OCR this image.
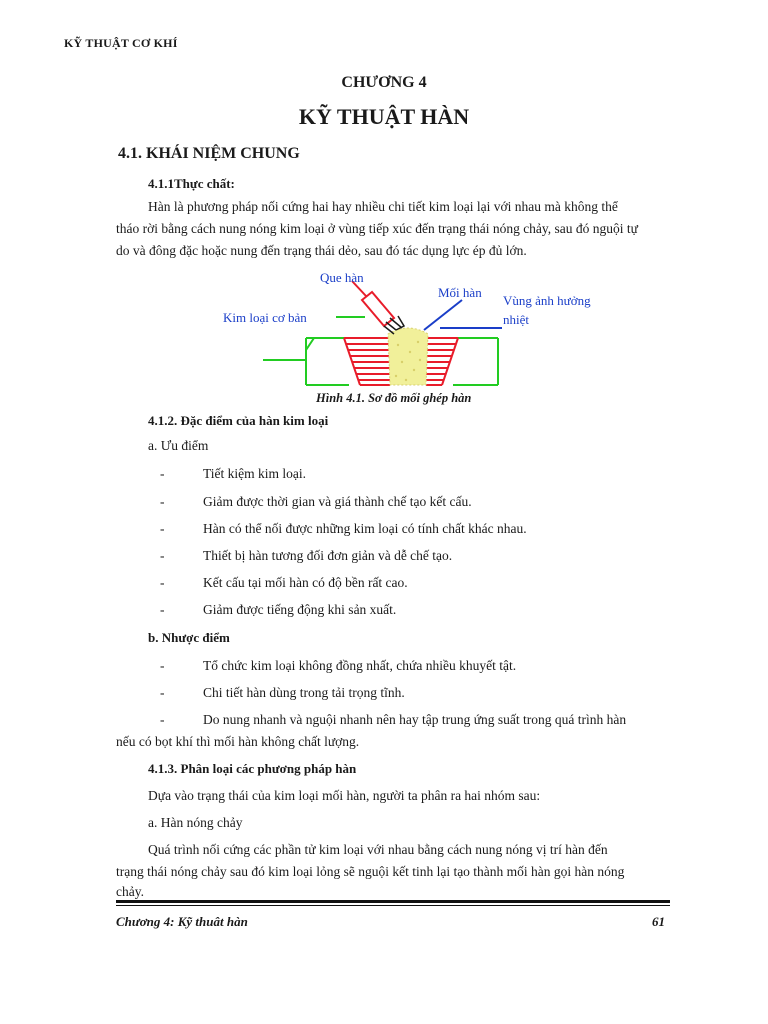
KỸ THUẬT CƠ KHÍ
CHƯƠNG 4
KỸ THUẬT HÀN
4.1. KHÁI NIỆM CHUNG
4.1.1Thực chất:
Hàn là phương pháp nối cứng hai hay nhiều chi tiết kim loại lại với nhau mà không thể
tháo rời bằng cách nung nóng kim loại ở vùng tiếp xúc đến trạng thái nóng chảy, sau đó nguội tự
do và đông đặc hoặc nung đến trạng thái dẻo, sau đó tác dụng lực ép đủ lớn.
Que hàn
Mối hàn
Kim loại cơ bản
Vùng ảnh hưởng
nhiệt
Hình 4.1. Sơ đồ mối ghép hàn
4.1.2. Đặc điểm của hàn kim loại
a. Ưu điểm
-	Tiết kiệm kim loại.
-	Giảm được thời gian và giá thành chế tạo kết cấu.
-	Hàn có thể nối được những kim loại có tính chất khác nhau.
-	Thiết bị hàn tương đối đơn giản và dễ chế tạo.
-	Kết cấu tại mối hàn có độ bền rất cao.
-	Giảm được tiếng động khi sản xuất.
b. Nhược điểm
-	Tổ chức kim loại không đồng nhất, chứa nhiều khuyết tật.
-	Chi tiết hàn dùng trong tải trọng tĩnh.
-	Do nung nhanh và nguội nhanh nên hay tập trung ứng suất trong quá trình hàn
nếu có bọt khí thì mối hàn không chất lượng.
4.1.3. Phân loại các phương pháp hàn
Dựa vào trạng thái của kim loại mối hàn, người ta phân ra hai nhóm sau:
a. Hàn nóng chảy
Quá trình nối cứng các phần tử kim loại với nhau bằng cách nung nóng vị trí hàn đến
trạng thái nóng chảy sau đó kim loại lỏng sẽ nguội kết tinh lại tạo thành mối hàn gọi hàn nóng
chảy.
Chương 4: Kỹ thuât hàn	61
